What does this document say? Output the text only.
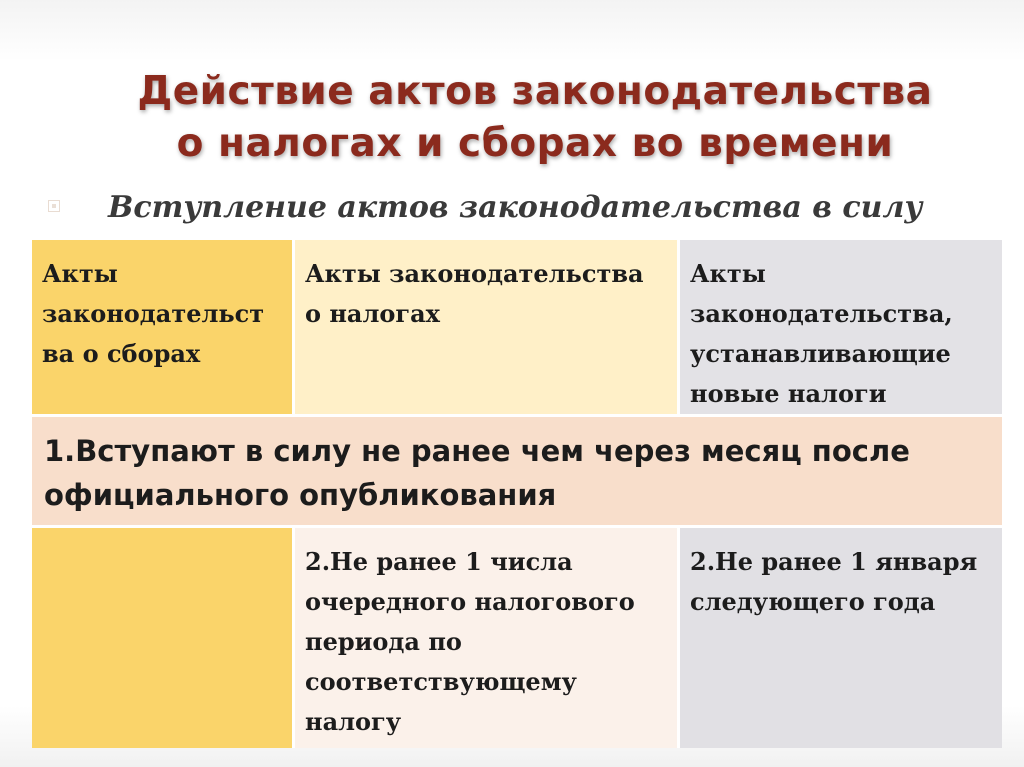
Действие актов законодательства
о налогах и сборах во времени
Вступление актов законодательства в силу
Акты законодательст ва о сборах
Акты законодательства о налогах
Акты законодательства, устанавливающие новые налоги
1.Вступают в силу не ранее чем через месяц после официального опубликования
2.Не ранее 1 числа очередного налогового периода по соответствующему налогу
2.Не ранее 1 января следующего года
